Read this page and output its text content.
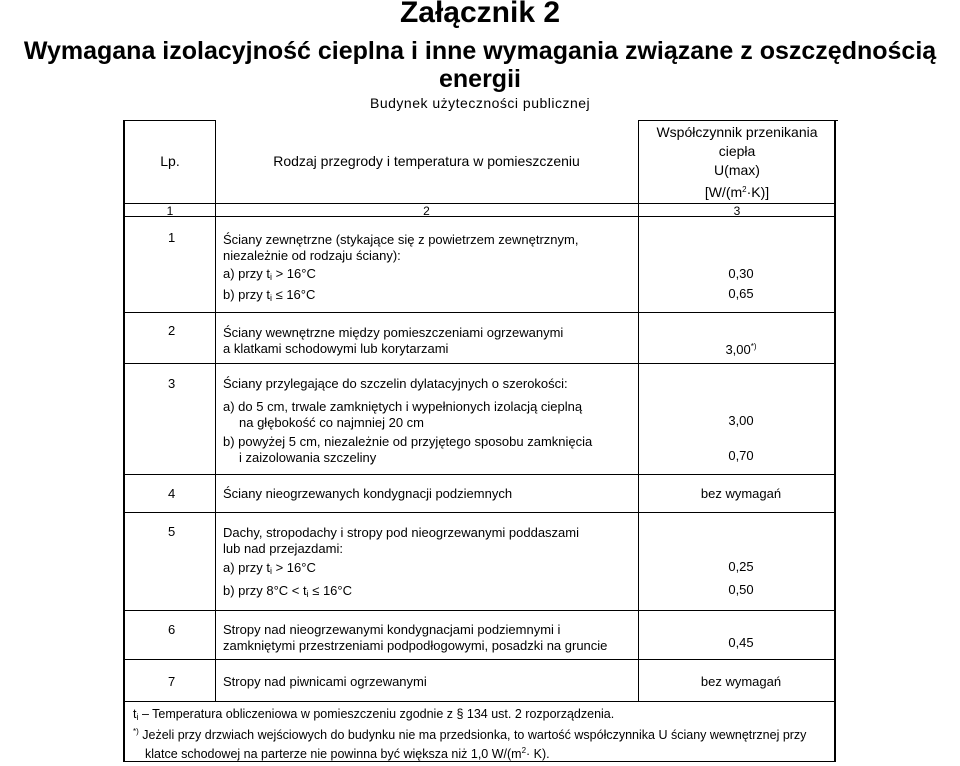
Załącznik 2
Wymagana izolacyjność cieplna i inne wymagania związane z oszczędnością
energii
Budynek użyteczności publicznej
Lp.	Rodzaj przegrody i temperatura w pomieszczeniu
Współczynnik przenikania
ciepła
U(max)
$[W/(m^2\cdot K)]$
1	2	3
1	Ściany zewnętrzne (stykające się z powietrzem zewnętrznym,
niezależnie od rodzaju ściany):
a) przy $t_i > 16^\circ C$	0,30
b) przy $t_i \le 16^\circ C$	0,65
2	Ściany wewnętrzne między pomieszczeniami ogrzewanymi
a klatkami schodowymi lub korytarzami	3,00*)
3	Ściany przylegające do szczelin dylatacyjnych o szerokości:
a) do 5 cm, trwale zamkniętych i wypełnionych izolacją cieplną
na głębokość co najmniej 20 cm	3,00
b) powyżej 5 cm, niezależnie od przyjętego sposobu zamknięcia
i zaizolowania szczeliny	0,70
4	Ściany nieogrzewanych kondygnacji podziemnych	bez wymagań
5	Dachy, stropodachy i stropy pod nieogrzewanymi poddaszami
lub nad przejazdami:
a) przy $t_i > 16^\circ C$	0,25
b) przy $8^\circ C < t_i \le 16^\circ C$	0,50
6	Stropy nad nieogrzewanymi kondygnacjami podziemnymi i
zamkniętymi przestrzeniami podpodłogowymi, posadzki na gruncie	0,45
7	Stropy nad piwnicami ogrzewanymi	bez wymagań
$t_i$ – Temperatura obliczeniowa w pomieszczeniu zgodnie z § 134 ust. 2 rozporządzenia.
*) Jeżeli przy drzwiach wejściowych do budynku nie ma przedsionka, to wartość współczynnika U ściany wewnętrznej przy
klatce schodowej na parterze nie powinna być większa niż 1,0 $W/(m^2\cdot K)$.
